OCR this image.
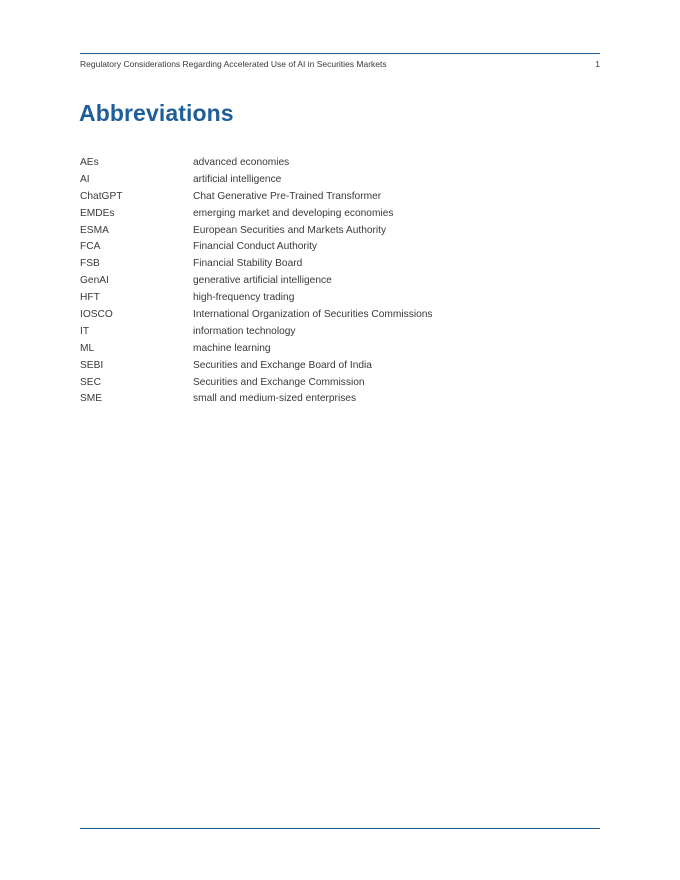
Regulatory Considerations Regarding Accelerated Use of AI in Securities Markets	1
Abbreviations
AEs	advanced economies
AI	artificial intelligence
ChatGPT	Chat Generative Pre-Trained Transformer
EMDEs	emerging market and developing economies
ESMA	European Securities and Markets Authority
FCA	Financial Conduct Authority
FSB	Financial Stability Board
GenAI	generative artificial intelligence
HFT	high-frequency trading
IOSCO	International Organization of Securities Commissions
IT	information technology
ML	machine learning
SEBI	Securities and Exchange Board of India
SEC	Securities and Exchange Commission
SME	small and medium-sized enterprises
